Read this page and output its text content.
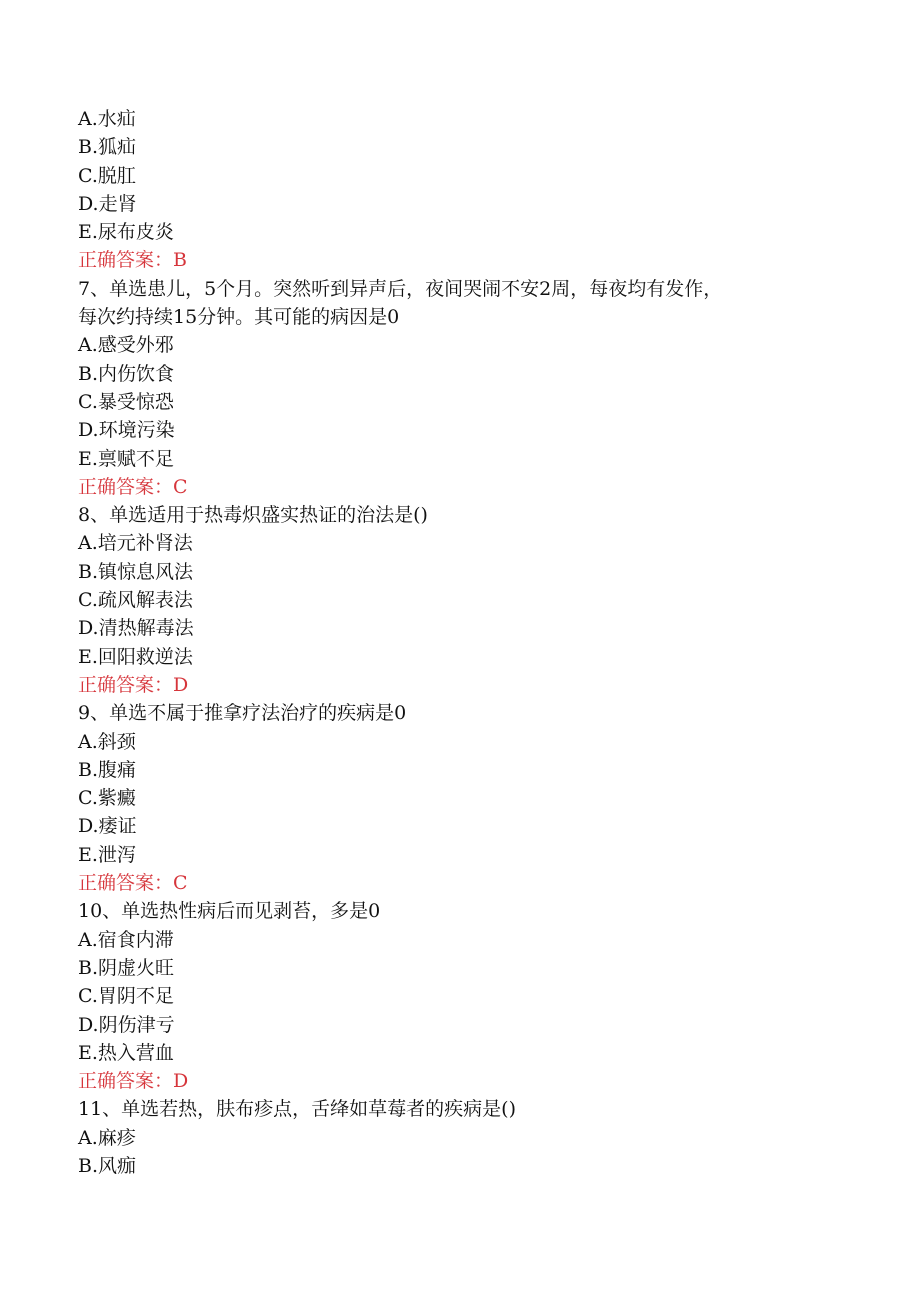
A.水疝
B.狐疝
C.脱肛
D.走肾
E.尿布皮炎
正确答案：B
7、单选患儿，5个月。突然听到异声后，夜间哭闹不安2周，每夜均有发作，
每次约持续15分钟。其可能的病因是0
A.感受外邪
B.内伤饮食
C.暴受惊恐
D.环境污染
E.禀赋不足
正确答案：C
8、单选适用于热毒炽盛实热证的治法是()
A.培元补肾法
B.镇惊息风法
C.疏风解表法
D.清热解毒法
E.回阳救逆法
正确答案：D
9、单选不属于推拿疗法治疗的疾病是0
A.斜颈
B.腹痛
C.紫癜
D.痿证
E.泄泻
正确答案：C
10、单选热性病后而见剥苔，多是0
A.宿食内滞
B.阴虚火旺
C.胃阴不足
D.阴伤津亏
E.热入营血
正确答案：D
11、单选若热，肤布疹点，舌绛如草莓者的疾病是()
A.麻疹
B.风痂
